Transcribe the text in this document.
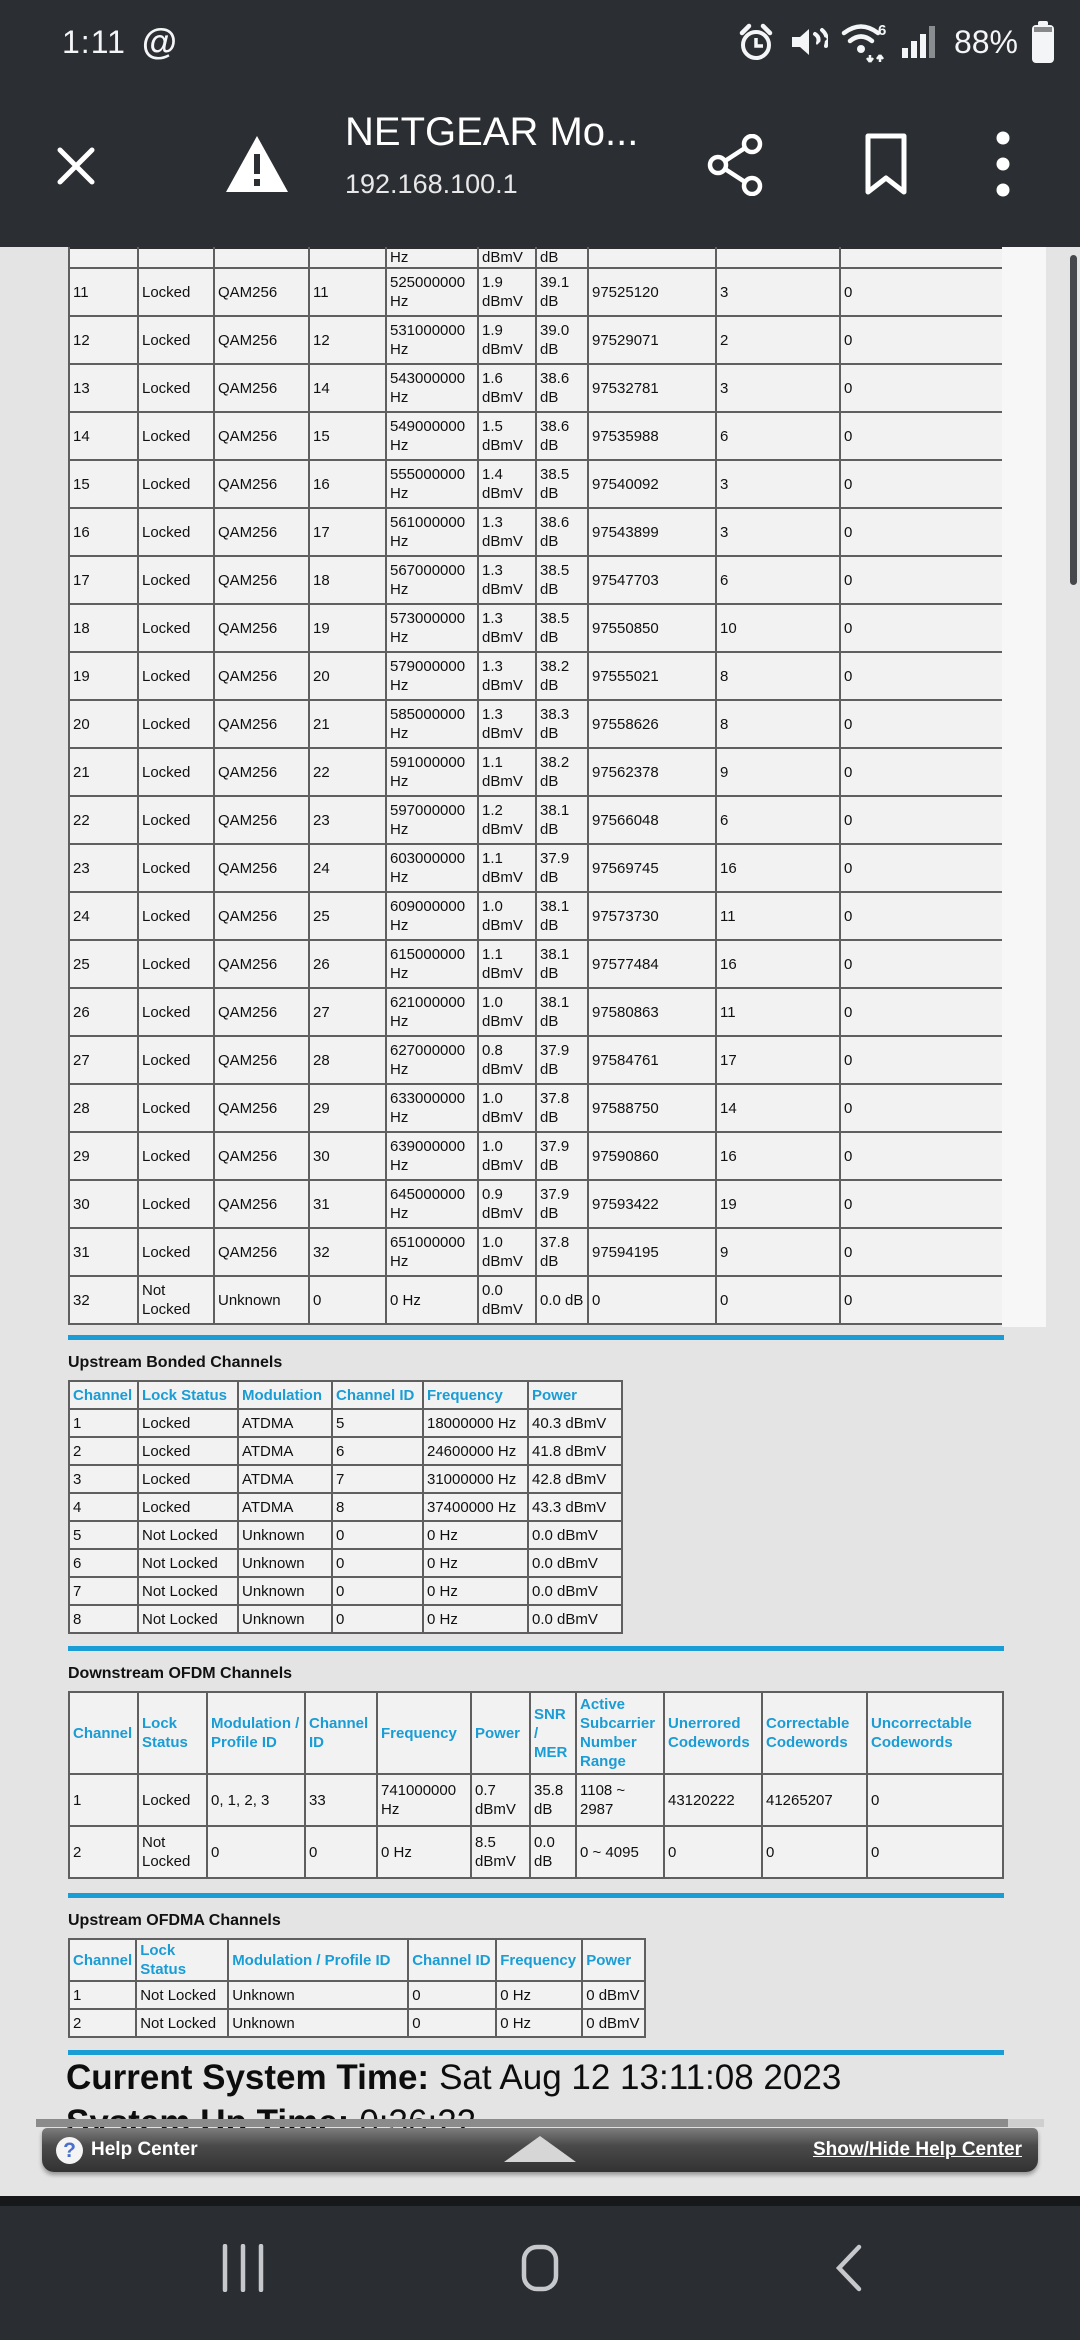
1:11 @	6 88%
NETGEAR Mo...
192.168.100.1
				Hz	dBmV	dB			
11	Locked	QAM256	11	525000000 Hz	1.9 dBmV	39.1 dB	97525120	3	0
12	Locked	QAM256	12	531000000 Hz	1.9 dBmV	39.0 dB	97529071	2	0
13	Locked	QAM256	14	543000000 Hz	1.6 dBmV	38.6 dB	97532781	3	0
14	Locked	QAM256	15	549000000 Hz	1.5 dBmV	38.6 dB	97535988	6	0
15	Locked	QAM256	16	555000000 Hz	1.4 dBmV	38.5 dB	97540092	3	0
16	Locked	QAM256	17	561000000 Hz	1.3 dBmV	38.6 dB	97543899	3	0
17	Locked	QAM256	18	567000000 Hz	1.3 dBmV	38.5 dB	97547703	6	0
18	Locked	QAM256	19	573000000 Hz	1.3 dBmV	38.5 dB	97550850	10	0
19	Locked	QAM256	20	579000000 Hz	1.3 dBmV	38.2 dB	97555021	8	0
20	Locked	QAM256	21	585000000 Hz	1.3 dBmV	38.3 dB	97558626	8	0
21	Locked	QAM256	22	591000000 Hz	1.1 dBmV	38.2 dB	97562378	9	0
22	Locked	QAM256	23	597000000 Hz	1.2 dBmV	38.1 dB	97566048	6	0
23	Locked	QAM256	24	603000000 Hz	1.1 dBmV	37.9 dB	97569745	16	0
24	Locked	QAM256	25	609000000 Hz	1.0 dBmV	38.1 dB	97573730	11	0
25	Locked	QAM256	26	615000000 Hz	1.1 dBmV	38.1 dB	97577484	16	0
26	Locked	QAM256	27	621000000 Hz	1.0 dBmV	38.1 dB	97580863	11	0
27	Locked	QAM256	28	627000000 Hz	0.8 dBmV	37.9 dB	97584761	17	0
28	Locked	QAM256	29	633000000 Hz	1.0 dBmV	37.8 dB	97588750	14	0
29	Locked	QAM256	30	639000000 Hz	1.0 dBmV	37.9 dB	97590860	16	0
30	Locked	QAM256	31	645000000 Hz	0.9 dBmV	37.9 dB	97593422	19	0
31	Locked	QAM256	32	651000000 Hz	1.0 dBmV	37.8 dB	97594195	9	0
32	Not Locked	Unknown	0	0 Hz	0.0 dBmV	0.0 dB	0	0	0
Upstream Bonded Channels
Channel	Lock Status	Modulation	Channel ID	Frequency	Power
1	Locked	ATDMA	5	18000000 Hz	40.3 dBmV
2	Locked	ATDMA	6	24600000 Hz	41.8 dBmV
3	Locked	ATDMA	7	31000000 Hz	42.8 dBmV
4	Locked	ATDMA	8	37400000 Hz	43.3 dBmV
5	Not Locked	Unknown	0	0 Hz	0.0 dBmV
6	Not Locked	Unknown	0	0 Hz	0.0 dBmV
7	Not Locked	Unknown	0	0 Hz	0.0 dBmV
8	Not Locked	Unknown	0	0 Hz	0.0 dBmV
Downstream OFDM Channels
Channel	Lock Status	Modulation / Profile ID	Channel ID	Frequency	Power	SNR / MER	Active Subcarrier Number Range	Unerrored Codewords	Correctable Codewords	Uncorrectable Codewords
1	Locked	0, 1, 2, 3	33	741000000 Hz	0.7 dBmV	35.8 dB	1108 ~ 2987	43120222	41265207	0
2	Not Locked	0	0	0 Hz	8.5 dBmV	0.0 dB	0 ~ 4095	0	0	0
Upstream OFDMA Channels
Channel	Lock Status	Modulation / Profile ID	Channel ID	Frequency	Power
1	Not Locked	Unknown	0	0 Hz	0 dBmV
2	Not Locked	Unknown	0	0 Hz	0 dBmV
Current System Time: Sat Aug 12 13:11:08 2023
? Help Center	Show/Hide Help Center
